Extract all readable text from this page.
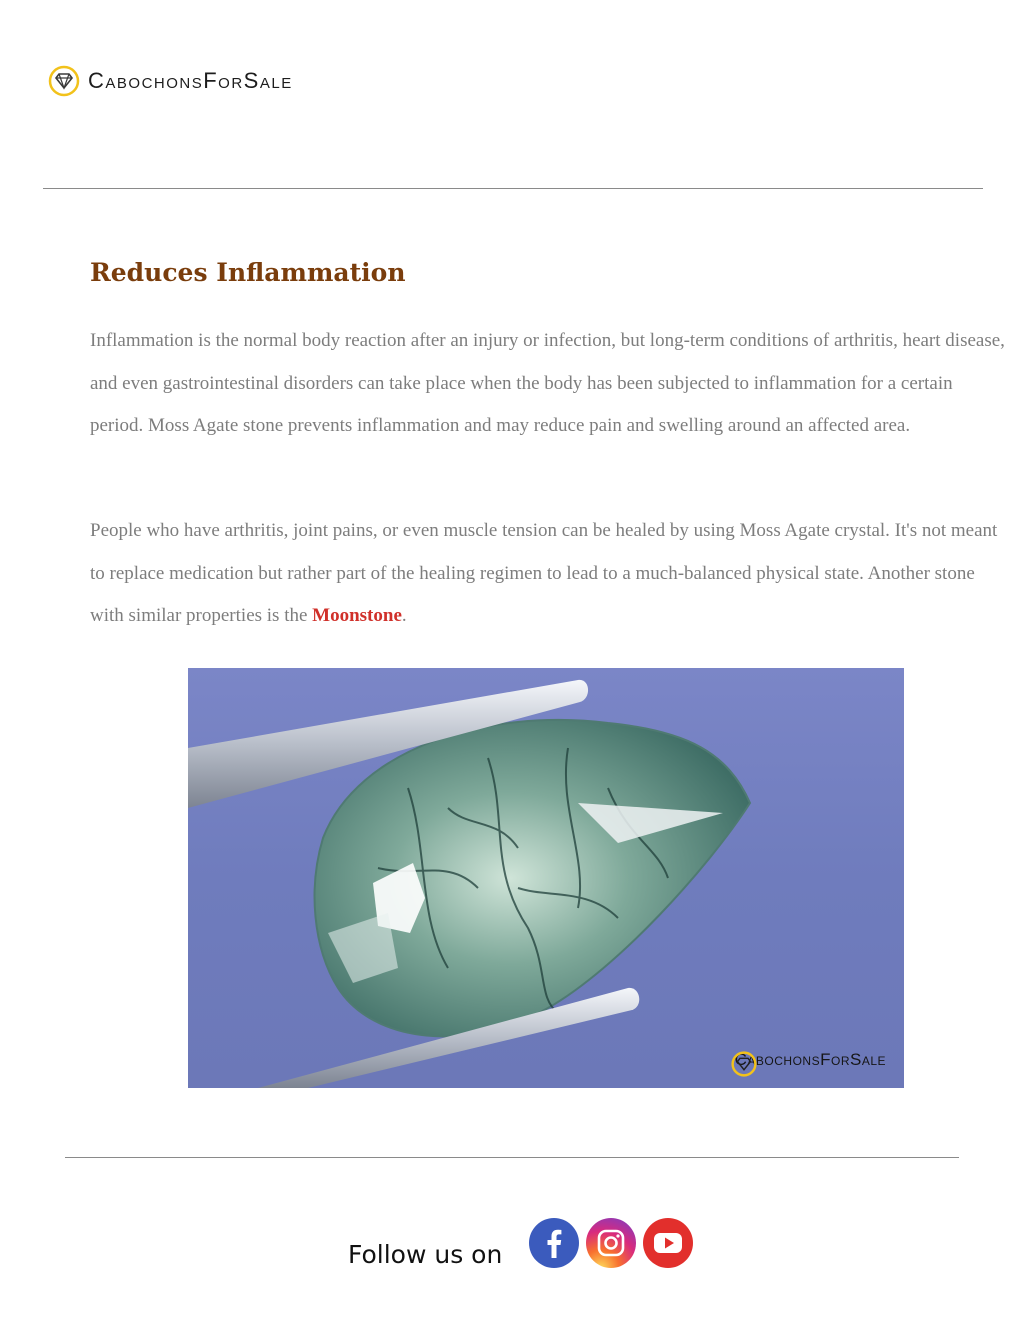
CabochonsForSale
Reduces Inflammation

Inflammation is the normal body reaction after an injury or infection, but long-term conditions of arthritis, heart disease, and even gastrointestinal disorders can take place when the body has been subjected to inflammation for a certain period. Moss Agate stone prevents inflammation and may reduce pain and swelling around an affected area.

People who have arthritis, joint pains, or even muscle tension can be healed by using Moss Agate crystal. It's not meant to replace medication but rather part of the healing regimen to lead to a much-balanced physical state. Another stone with similar properties is the Moonstone.

CabochonsForSale
Follow us on
